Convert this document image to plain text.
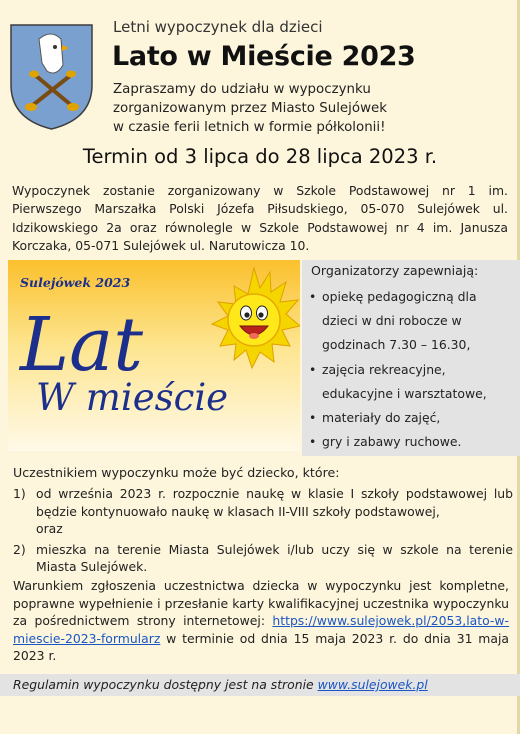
Letni wypoczynek dla dzieci
Lato w Mieście 2023
Zapraszamy do udziału w wypoczynku
zorganizowanym przez Miasto Sulejówek
w czasie ferii letnich w formie półkolonii!
Termin od 3 lipca do 28 lipca 2023 r.
Wypoczynek zostanie zorganizowany w Szkole Podstawowej nr 1 im. Pierwszego Marszałka Polski Józefa Piłsudskiego, 05-070 Sulejówek ul. Idzikowskiego 2a oraz równolegle w Szkole Podstawowej nr 4 im. Janusza Korczaka, 05-071 Sulejówek ul. Narutowicza 10.
Sulejówek 2023
Lat
W mieście
Organizatorzy zapewniają:
• opiekę pedagogiczną dla dzieci w dni robocze w godzinach 7.30 – 16.30,
• zajęcia rekreacyjne, edukacyjne i warsztatowe,
• materiały do zajęć,
• gry i zabawy ruchowe.
Uczestnikiem wypoczynku może być dziecko, które:
1) od września 2023 r. rozpocznie naukę w klasie I szkoły podstawowej lub będzie kontynuowało naukę w klasach II-VIII szkoły podstawowej,
oraz
2) mieszka na terenie Miasta Sulejówek i/lub uczy się w szkole na terenie Miasta Sulejówek.
Warunkiem zgłoszenia uczestnictwa dziecka w wypoczynku jest kompletne, poprawne wypełnienie i przesłanie karty kwalifikacyjnej uczestnika wypoczynku za pośrednictwem strony internetowej: https://www.sulejowek.pl/2053,lato-w-miescie-2023-formularz w terminie od dnia 15 maja 2023 r. do dnia 31 maja 2023 r.
Regulamin wypoczynku dostępny jest na stronie www.sulejowek.pl
